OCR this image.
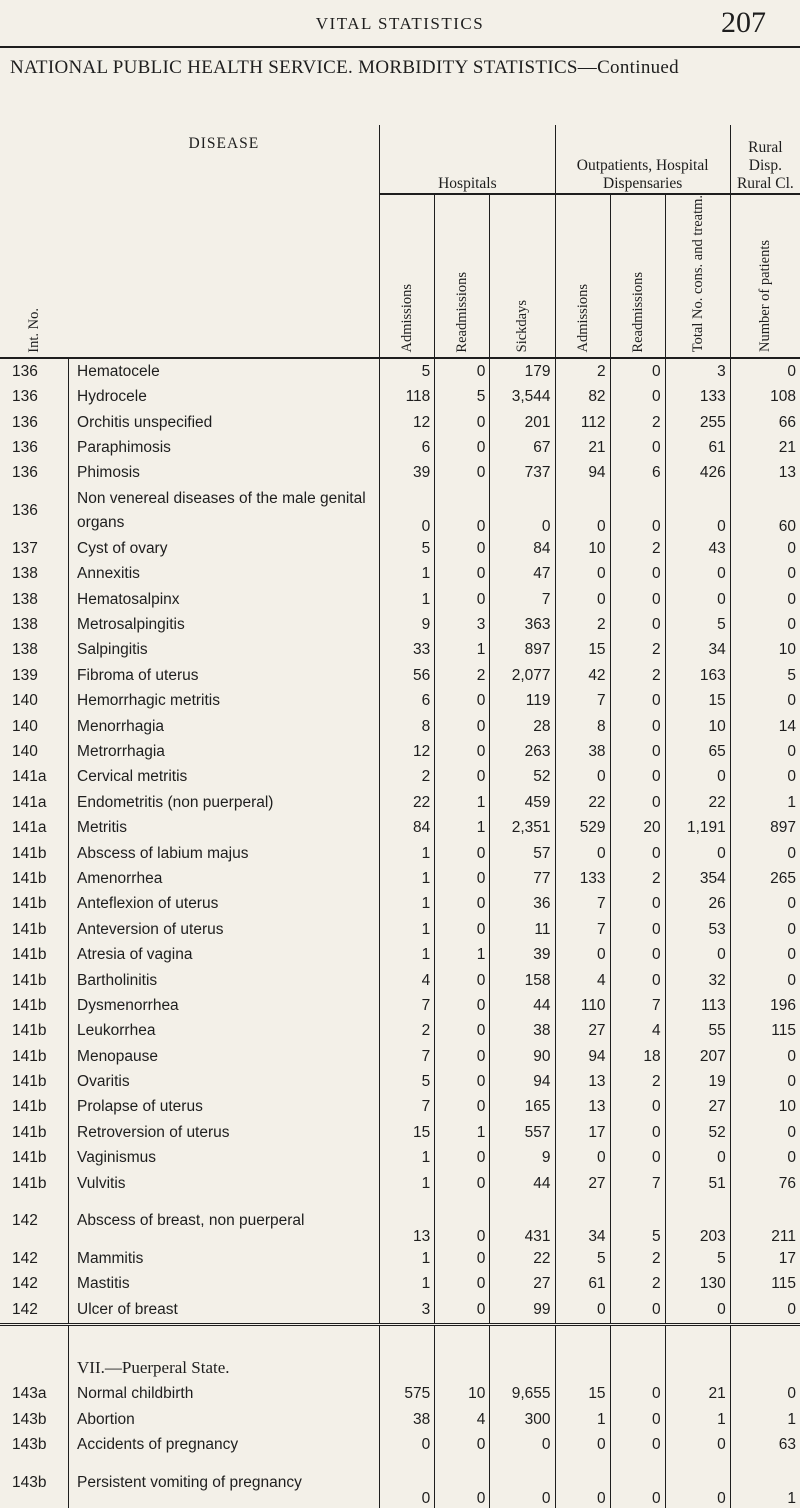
VITAL STATISTICS	207
NATIONAL PUBLIC HEALTH SERVICE. MORBIDITY STATISTICS—Continued
Int. No.	DISEASE	Hospitals			Outpatients, Hospital Dispensaries			Rural Disp. Rural Cl.
		Admissions	Readmissions	Sickdays	Admissions	Readmissions	Total No. cons. and treatm.	Number of patients
136	Hematocele	5	0	179	2	0	3	0
136	Hydrocele	118	5	3,544	82	0	133	108
136	Orchitis unspecified	12	0	201	112	2	255	66
136	Paraphimosis	6	0	67	21	0	61	21
136	Phimosis	39	0	737	94	6	426	13
136	Non venereal diseases of the male genital organs	0	0	0	0	0	0	60
137	Cyst of ovary	5	0	84	10	2	43	0
138	Annexitis	1	0	47	0	0	0	0
138	Hematosalpinx	1	0	7	0	0	0	0
138	Metrosalpingitis	9	3	363	2	0	5	0
138	Salpingitis	33	1	897	15	2	34	10
139	Fibroma of uterus	56	2	2,077	42	2	163	5
140	Hemorrhagic metritis	6	0	119	7	0	15	0
140	Menorrhagia	8	0	28	8	0	10	14
140	Metrorrhagia	12	0	263	38	0	65	0
141a	Cervical metritis	2	0	52	0	0	0	0
141a	Endometritis (non puerperal)	22	1	459	22	0	22	1
141a	Metritis	84	1	2,351	529	20	1,191	897
141b	Abscess of labium majus	1	0	57	0	0	0	0
141b	Amenorrhea	1	0	77	133	2	354	265
141b	Anteflexion of uterus	1	0	36	7	0	26	0
141b	Anteversion of uterus	1	0	11	7	0	53	0
141b	Atresia of vagina	1	1	39	0	0	0	0
141b	Bartholinitis	4	0	158	4	0	32	0
141b	Dysmenorrhea	7	0	44	110	7	113	196
141b	Leukorrhea	2	0	38	27	4	55	115
141b	Menopause	7	0	90	94	18	207	0
141b	Ovaritis	5	0	94	13	2	19	0
141b	Prolapse of uterus	7	0	165	13	0	27	10
141b	Retroversion of uterus	15	1	557	17	0	52	0
141b	Vaginismus	1	0	9	0	0	0	0
141b	Vulvitis	1	0	44	27	7	51	76
142	Abscess of breast, non puerperal	13	0	431	34	5	203	211
142	Mammitis	1	0	22	5	2	5	17
142	Mastitis	1	0	27	61	2	130	115
142	Ulcer of breast	3	0	99	0	0	0	0
	VII.—Puerperal State.							
143a	Normal childbirth	575	10	9,655	15	0	21	0
143b	Abortion	38	4	300	1	0	1	1
143b	Accidents of pregnancy	0	0	0	0	0	0	63
143b	Persistent vomiting of pregnancy	0	0	0	0	0	0	1
